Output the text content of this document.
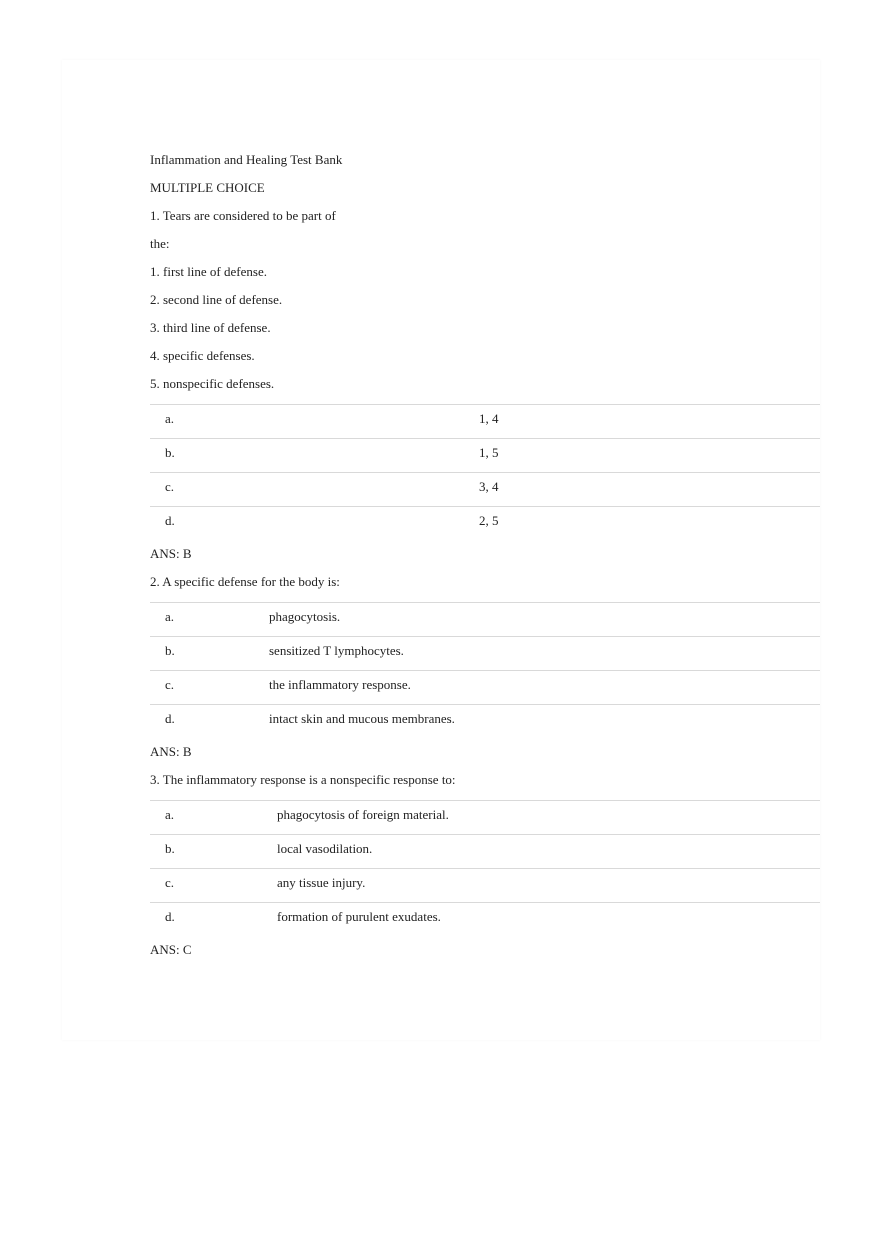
Inflammation and Healing Test Bank
MULTIPLE CHOICE
1. Tears are considered to be part of
the:
1. first line of defense.
2. second line of defense.
3. third line of defense.
4. specific defenses.
5. nonspecific defenses.
a.	1, 4
b.	1, 5
c.	3, 4
d.	2, 5
ANS: B
2. A specific defense for the body is:
a.	phagocytosis.
b.	sensitized T lymphocytes.
c.	the inflammatory response.
d.	intact skin and mucous membranes.
ANS: B
3. The inflammatory response is a nonspecific response to:
a.	phagocytosis of foreign material.
b.	local vasodilation.
c.	any tissue injury.
d.	formation of purulent exudates.
ANS: C
